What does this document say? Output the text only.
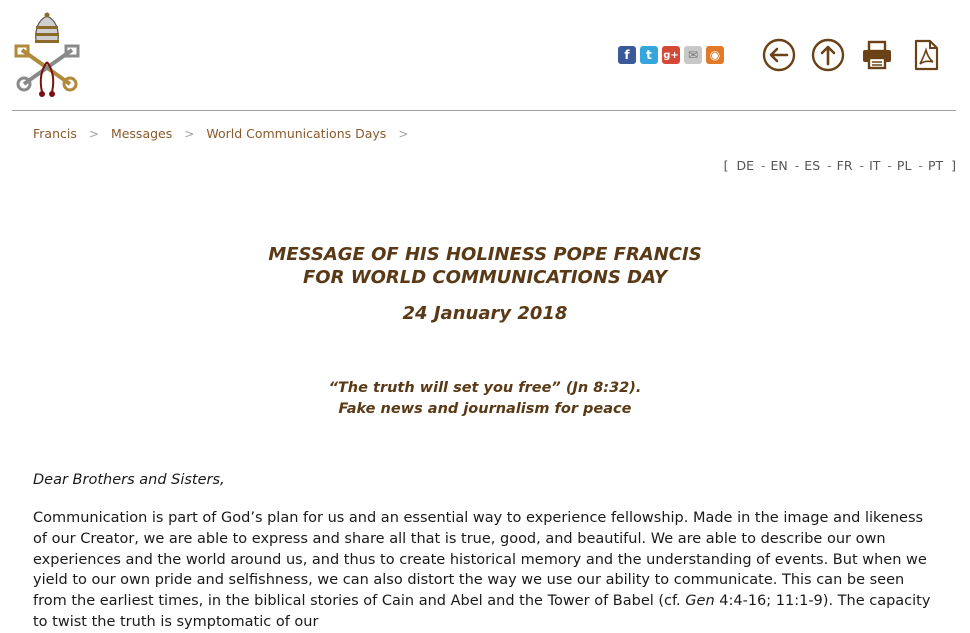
f	t	g+ ✉ ◉
Francis > Messages > World Communications Days >
[ DE - EN - ES - FR - IT - PL - PT ]
MESSAGE OF HIS HOLINESS POPE FRANCIS
FOR WORLD COMMUNICATIONS DAY
24 January 2018
“The truth will set you free” (Jn 8:32).
Fake news and journalism for peace
Dear Brothers and Sisters,

Communication is part of God’s plan for us and an essential way to experience fellowship. Made in the image and likeness of our Creator, we are able to express and share all that is true, good, and beautiful. We are able to describe our own experiences and the world around us, and thus to create historical memory and the understanding of events. But when we yield to our own pride and selfishness, we can also distort the way we use our ability to communicate. This can be seen from the earliest times, in the biblical stories of Cain and Abel and the Tower of Babel (cf. Gen 4:4-16; 11:1-9). The capacity to twist the truth is symptomatic of our
